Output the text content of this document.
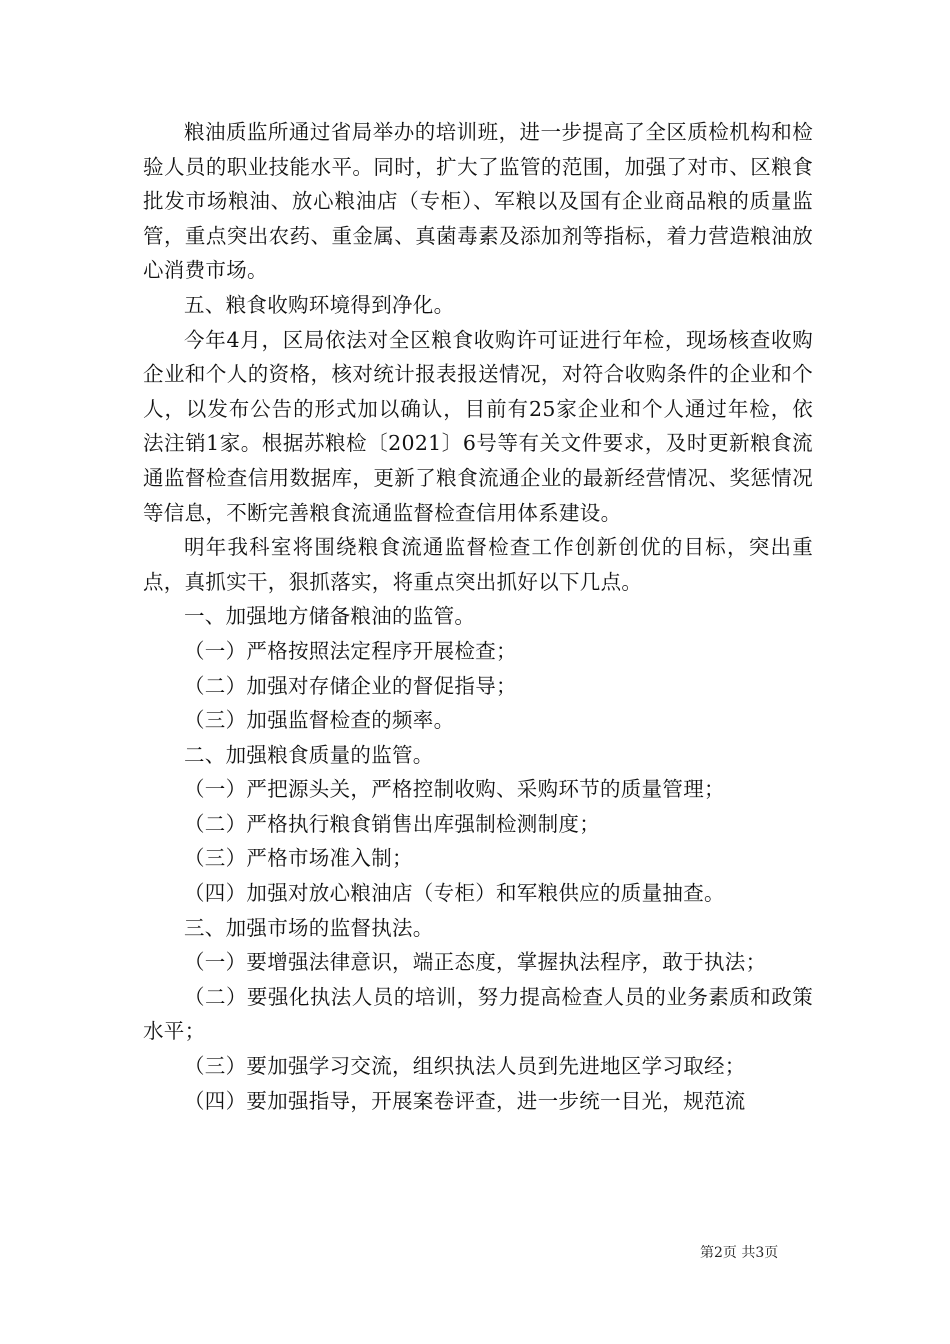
粮油质监所通过省局举办的培训班，进一步提高了全区质检机构和检验人员的职业技能水平。同时，扩大了监管的范围，加强了对市、区粮食批发市场粮油、放心粮油店（专柜）、军粮以及国有企业商品粮的质量监管，重点突出农药、重金属、真菌毒素及添加剂等指标，着力营造粮油放心消费市场。

五、粮食收购环境得到净化。

今年4月，区局依法对全区粮食收购许可证进行年检，现场核查收购企业和个人的资格，核对统计报表报送情况，对符合收购条件的企业和个人，以发布公告的形式加以确认，目前有25家企业和个人通过年检，依法注销1家。根据苏粮检〔2021〕6号等有关文件要求，及时更新粮食流通监督检查信用数据库，更新了粮食流通企业的最新经营情况、奖惩情况等信息，不断完善粮食流通监督检查信用体系建设。

明年我科室将围绕粮食流通监督检查工作创新创优的目标，突出重点，真抓实干，狠抓落实，将重点突出抓好以下几点。

一、加强地方储备粮油的监管。

（一）严格按照法定程序开展检查；

（二）加强对存储企业的督促指导；

（三）加强监督检查的频率。

二、加强粮食质量的监管。

（一）严把源头关，严格控制收购、采购环节的质量管理；

（二）严格执行粮食销售出库强制检测制度；

（三）严格市场准入制；

（四）加强对放心粮油店（专柜）和军粮供应的质量抽查。

三、加强市场的监督执法。

（一）要增强法律意识，端正态度，掌握执法程序，敢于执法；

（二）要强化执法人员的培训，努力提高检查人员的业务素质和政策水平；

（三）要加强学习交流，组织执法人员到先进地区学习取经；

（四）要加强指导，开展案卷评查，进一步统一目光，规范流

第2页 共3页
